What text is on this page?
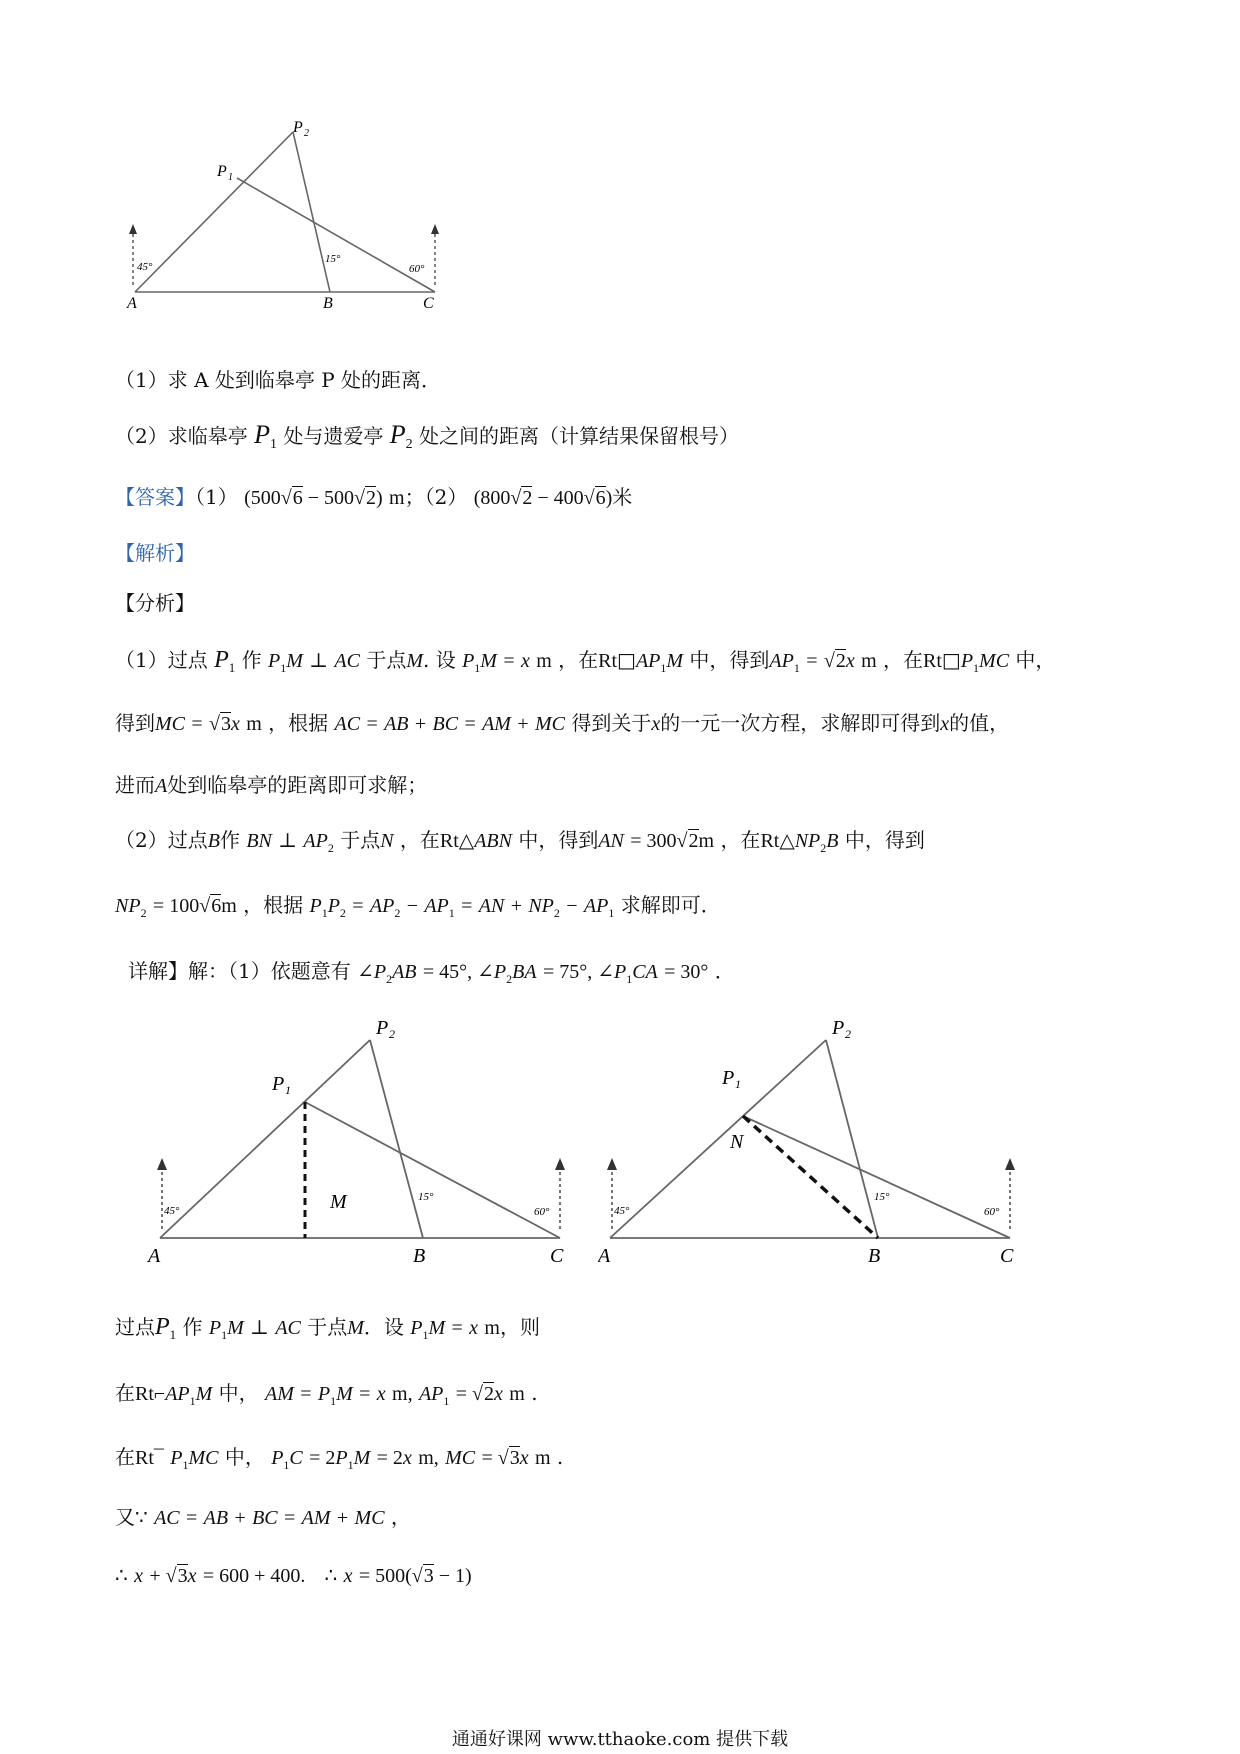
A	B	C
P 1
P 2
45°
15°
60°
（1）求 A 处到临皋亭 P 处的距离．
（2）求临皋亭 $P_1$ 处与遗爱亭 $P_2$ 处之间的距离（计算结果保留根号）
【答案】（1） (500√6 − 500√2) m；（2） (800√2 − 400√6)米
【解析】
【分析】
（1）过点 $P_1$ 作 $P_1M$ ⊥ AC 于点M. 设 $P_1M = x$ m ，在$Rt□AP_1M$ 中，得到$AP_1 = √2x$ m ，在$Rt□P_1MC$ 中，
得到MC = √3x m ，根据 AC = AB + BC = AM + MC 得到关于x的一元一次方程，求解即可得到x的值，
进而A处到临皋亭的距离即可求解；
（2）过点B作 BN ⊥ $AP_2$ 于点N ，在Rt△ABN 中，得到AN = 300√2m ，在$Rt\triangle NP_2B$ 中，得到
$NP_2 = 100√6m$ ，根据 $P_1P_2 = AP_2 - AP_1$ = AN + $NP_2 - AP_1$ 求解即可．
详解】解：（1）依题意有 $\angle P_2AB = 45^\circ$, $\angle P_2BA = 75^\circ$, $\angle P_1CA = 30^\circ$ ．
A	B	C
P 1
P 2
M
45°
15°
60°
A	B	C
P 1
P 2
N
45°
15°
60°
过点$P_1$ 作 $P_1M$ ⊥ AC 于点M．设 $P_1M = x$ m，则
在$Rt⌐AP_1M$ 中， AM = $P_1M = x$ m, $AP_1 = √2x$ m .
在Rt¯ $P_1MC$ 中， $P_1C = 2P_1M = 2x$ m, MC = √3x m .
又∵ AC = AB + BC = AM + MC ，
∴ x + √3x = 600 + 400. ∴ x = 500(√3 − 1)
通通好课网 www.tthaoke.com 提供下载
